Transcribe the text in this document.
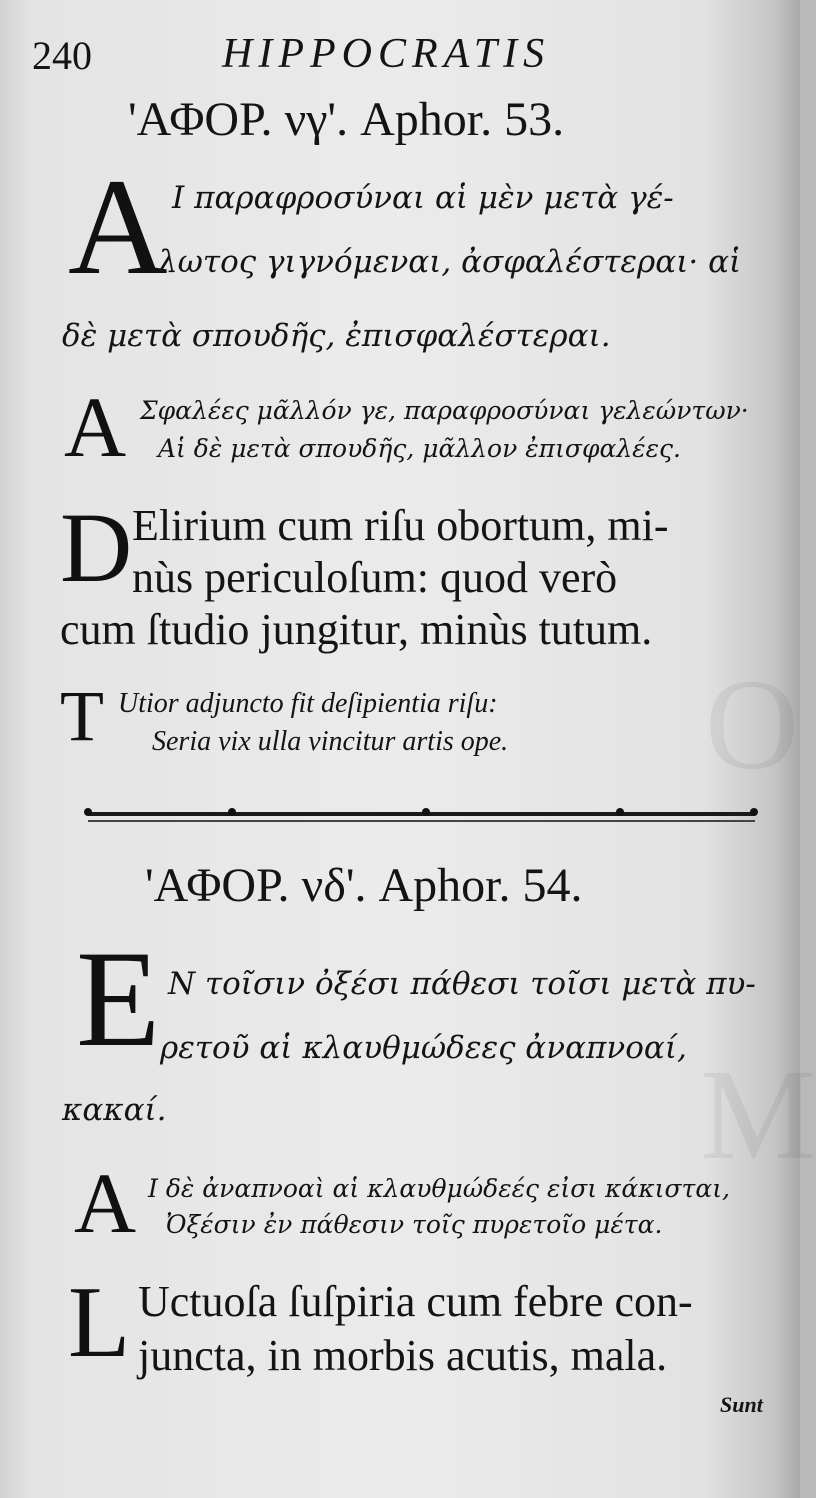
O
M
240	HIPPOCRATIS
'ΑΦΟΡ. νγ'. Aphor. 53.
A I παραφροσύναι αἱ μὲν μετὰ γέ-
λωτος γιγνόμεναι, ἀσφαλέστεραι· αἱ
δὲ μετὰ σπουδῆς, ἐπισφαλέστεραι.
A Σφαλέες μᾶλλόν γε, παραφροσύναι γελεώντων·
Αἱ δὲ μετὰ σπουδῆς, μᾶλλον ἐπισφαλέες.
D Elirium cum riſu obortum, mi-
nùs periculoſum: quod verò
cum ſtudio jungitur, minùs tutum.
T Utior adjuncto fit deſipientia riſu:
Seria vix ulla vincitur artis ope.
'ΑΦΟΡ. νδ'. Aphor. 54.
E N τοῖσιν ὀξέσι πάθεσι τοῖσι μετὰ πυ-
ρετοῦ αἱ κλαυθμώδεες ἀναπνοαί,
κακαί.
A I δὲ ἀναπνοαὶ αἱ κλαυθμώδεές εἰσι κάκισται,
Ὀξέσιν ἐν πάθεσιν τοῖς πυρετοῖο μέτα.
L Uctuoſa ſuſpiria cum febre con-
juncta, in morbis acutis, mala.
Sunt
